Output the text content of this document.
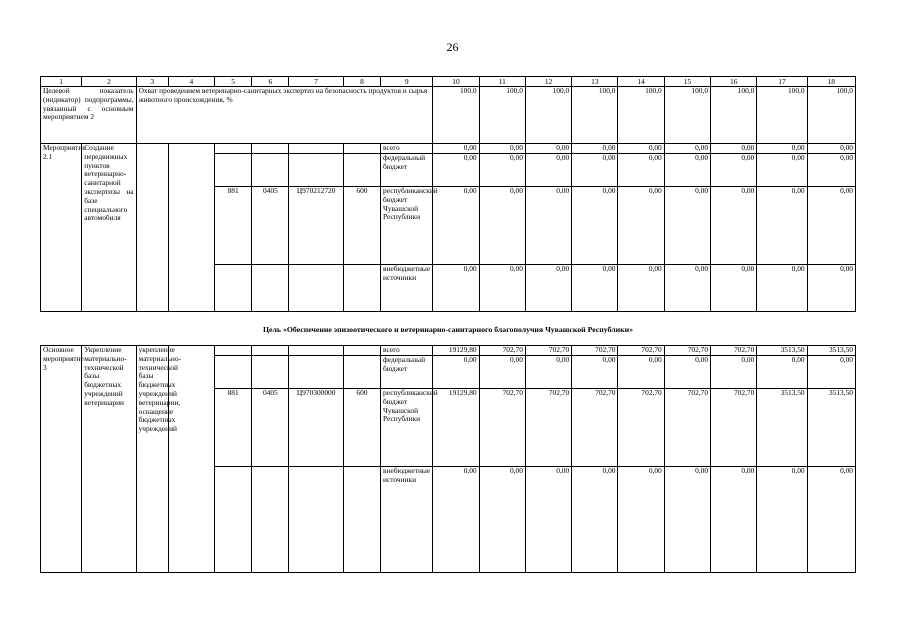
26
1	2	3	4	5	6	7	8	9	10	11	12	13	14	15	16	17	18
Целевой показатель (индикатор) подпрограммы, увязанный с основным мероприятием 2		Охват проведением ветеринарно-санитарных экспертиз на безопасность продуктов и сырья животного происхождения, %							100,0	100,0	100,0	100,0	100,0	100,0	100,0	100,0	100,0
Мероприятие 2.1	Создание передвижных пунктов ветеринарно-санитарной экспертизы на базе специального автомобиля							всего	0,00	0,00	0,00	0,00	0,00	0,00	0,00	0,00	0,00
								федеральный бюджет	0,00	0,00	0,00	0,00	0,00	0,00	0,00	0,00	0,00
				881	0405	Ц970212720	600	республиканский бюджет Чувашской Республики	0,00	0,00	0,00	0,00	0,00	0,00	0,00	0,00	0,00
								внебюджетные источники	0,00	0,00	0,00	0,00	0,00	0,00	0,00	0,00	0,00
Цель «Обеспечение эпизоотического и ветеринарно-санитарного благополучия Чувашской Республики»
Основное мероприятие 3	Укрепление материально-технической базы бюджетных учреждений ветеринарии	укрепление материально-технической базы бюджетных учреждений ветеринарии, оснащение бюджетных учреждений						всего	19129,80	702,70	702,70	702,70	702,70	702,70	702,70	3513,50	3513,50
								федеральный бюджет	0,00	0,00	0,00	0,00	0,00	0,00	0,00	0,00	0,00
				881	0405	Ц970300000	600	республиканский бюджет Чувашской Республики	19129,80	702,70	702,70	702,70	702,70	702,70	702,70	3513,50	3513,50
								внебюджетные источники	0,00	0,00	0,00	0,00	0,00	0,00	0,00	0,00	0,00
